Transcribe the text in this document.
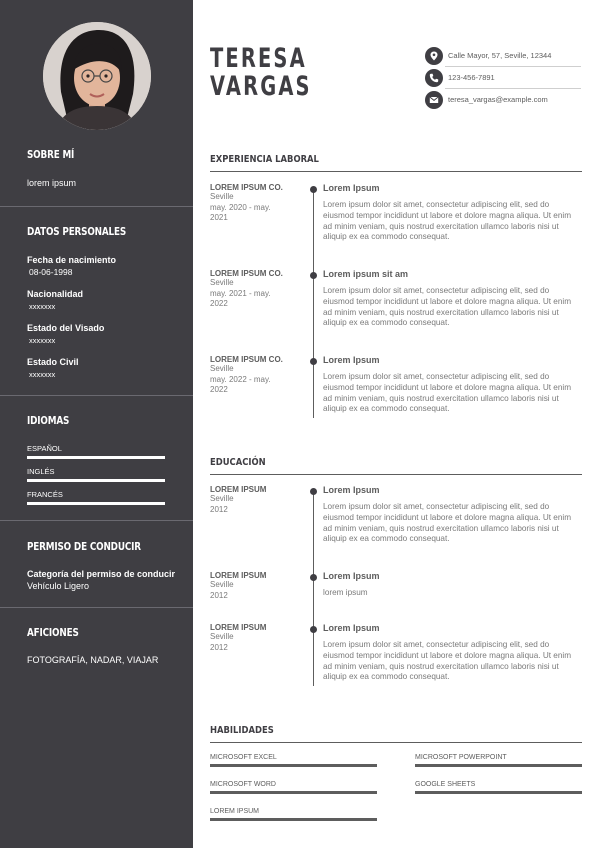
SOBRE MÍ
lorem ipsum
DATOS PERSONALES
Fecha de nacimiento
08-06-1998
Nacionalidad
xxxxxxx
Estado del Visado
xxxxxxx
Estado Civil
xxxxxxx
IDIOMAS
ESPAÑOL
INGLÉS
FRANCÉS
PERMISO DE CONDUCIR
Categoría del permiso de conducir
Vehículo Ligero
AFICIONES
FOTOGRAFÍA, NADAR, VIAJAR
TERESA
VARGAS
Calle Mayor, 57, Seville, 12344
123-456-7891
teresa_vargas@example.com
EXPERIENCIA LABORAL
LOREM IPSUM CO.
Seville
may. 2020 - may.
2021
Lorem Ipsum
Lorem ipsum dolor sit amet, consectetur adipiscing elit, sed do eiusmod tempor incididunt ut labore et dolore magna aliqua. Ut enim ad minim veniam, quis nostrud exercitation ullamco laboris nisi ut aliquip ex ea commodo consequat.
LOREM IPSUM CO.
Seville
may. 2021 - may.
2022
Lorem ipsum sit am
Lorem ipsum dolor sit amet, consectetur adipiscing elit, sed do eiusmod tempor incididunt ut labore et dolore magna aliqua. Ut enim ad minim veniam, quis nostrud exercitation ullamco laboris nisi ut aliquip ex ea commodo consequat.
LOREM IPSUM CO.
Seville
may. 2022 - may.
2022
Lorem Ipsum
Lorem ipsum dolor sit amet, consectetur adipiscing elit, sed do eiusmod tempor incididunt ut labore et dolore magna aliqua. Ut enim ad minim veniam, quis nostrud exercitation ullamco laboris nisi ut aliquip ex ea commodo consequat.
EDUCACIÓN
LOREM IPSUM
Seville
2012
Lorem Ipsum
Lorem ipsum dolor sit amet, consectetur adipiscing elit, sed do eiusmod tempor incididunt ut labore et dolore magna aliqua. Ut enim ad minim veniam, quis nostrud exercitation ullamco laboris nisi ut aliquip ex ea commodo consequat.
LOREM IPSUM
Seville
2012
Lorem Ipsum
lorem ipsum
LOREM IPSUM
Seville
2012
Lorem Ipsum
Lorem ipsum dolor sit amet, consectetur adipiscing elit, sed do eiusmod tempor incididunt ut labore et dolore magna aliqua. Ut enim ad minim veniam, quis nostrud exercitation ullamco laboris nisi ut aliquip ex ea commodo consequat.
HABILIDADES
MICROSOFT EXCEL	MICROSOFT POWERPOINT
MICROSOFT WORD	GOOGLE SHEETS
LOREM IPSUM
